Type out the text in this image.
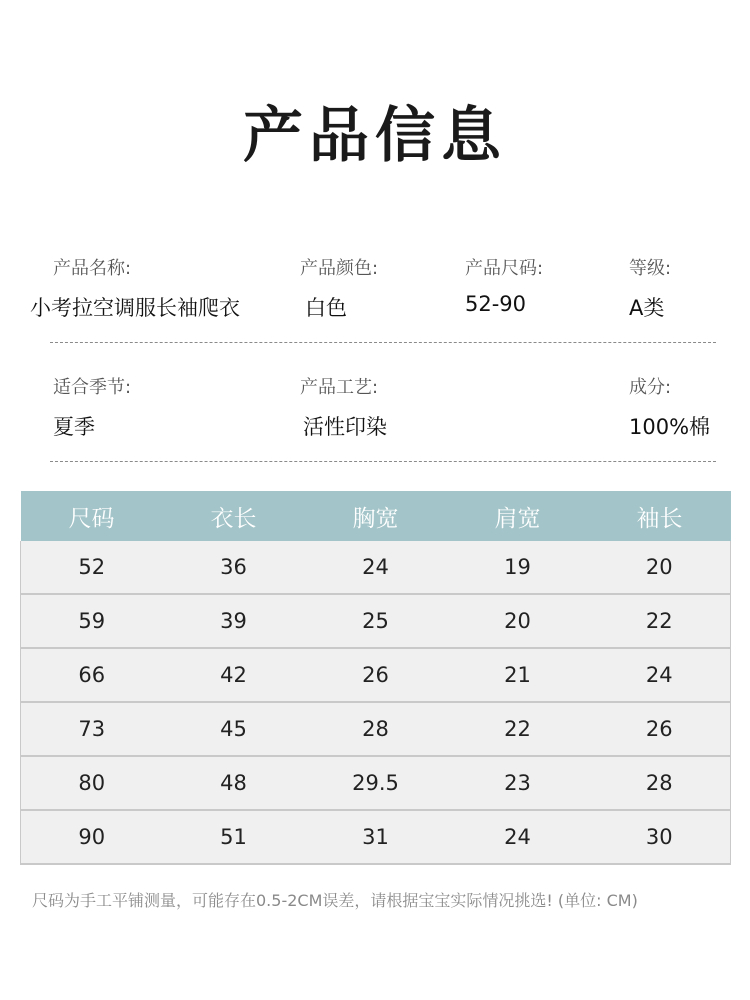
产品信息
产品名称:
小考拉空调服长袖爬衣
产品颜色:
白色
产品尺码:
52-90
等级:
A类
适合季节:
夏季
产品工艺:
活性印染
成分:
100%棉
尺码	衣长	胸宽	肩宽	袖长
52	36	24	19	20
59	39	25	20	22
66	42	26	21	24
73	45	28	22	26
80	48	29.5	23	28
90	51	31	24	30
尺码为手工平铺测量，可能存在0.5-2CM误差，请根据宝宝实际情况挑选! (单位: CM)
